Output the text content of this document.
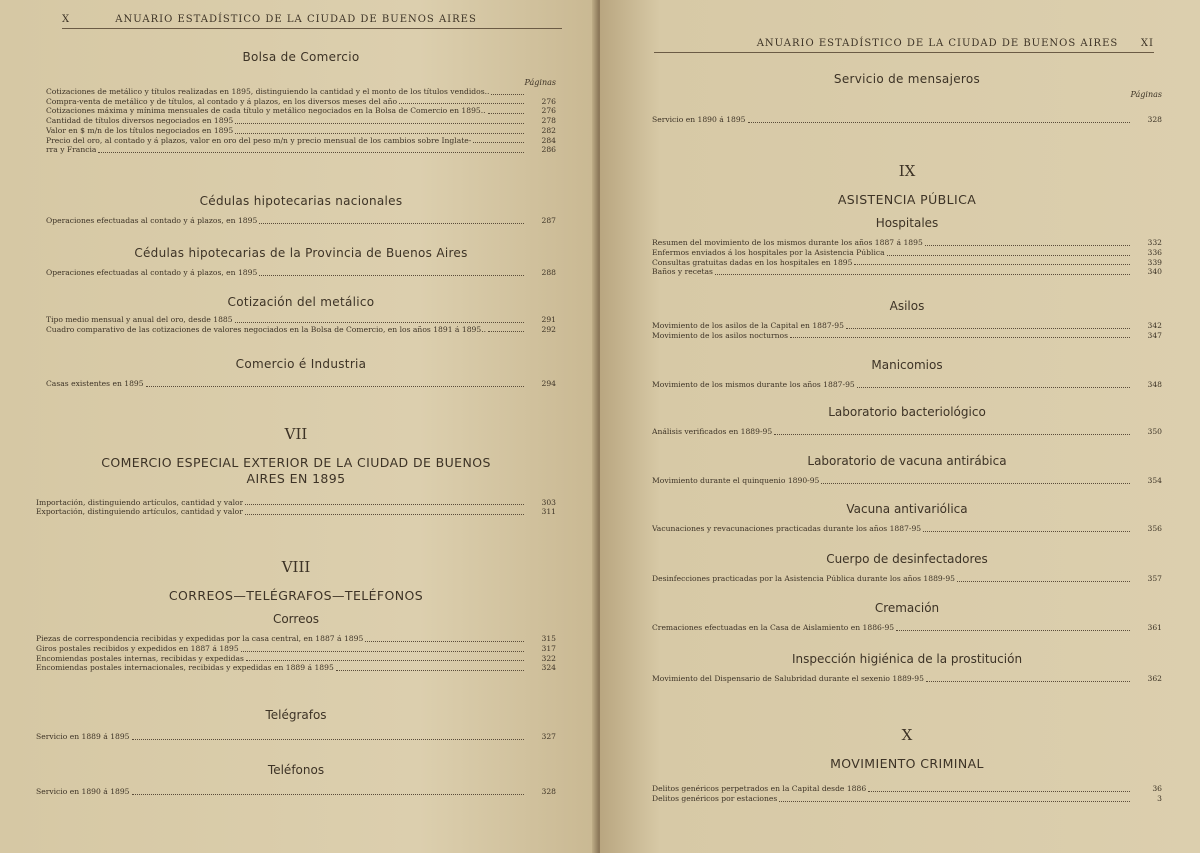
X	ANUARIO ESTADÍSTICO DE LA CIUDAD DE BUENOS AIRES

Bolsa de Comercio

Páginas

Cotizaciones de metálico y títulos realizadas en 1895, distinguiendo la cantidad y el monto de los títulos vendidos..
Compra-venta de metálico y de títulos, al contado y á plazos, en los diversos meses del año	276
Cotizaciones máxima y mínima mensuales de cada título y metálico negociados en la Bolsa de Comercio en 1895..	276
Cantidad de títulos diversos negociados en 1895	278
Valor en $ m/n de los títulos negociados en 1895	282
Precio del oro, al contado y á plazos, valor en oro del peso m/n y precio mensual de los cambios sobre Inglate-	284
rra y Francia	286

Cédulas hipotecarias nacionales

Operaciones efectuadas al contado y á plazos, en 1895	287

Cédulas hipotecarias de la Provincia de Buenos Aires

Operaciones efectuadas al contado y á plazos, en 1895	288

Cotización del metálico

Tipo medio mensual y anual del oro, desde 1885	291
Cuadro comparativo de las cotizaciones de valores negociados en la Bolsa de Comercio, en los años 1891 á 1895..	292

Comercio é Industria

Casas existentes en 1895	294

VII

COMERCIO ESPECIAL EXTERIOR DE LA CIUDAD DE BUENOS

AIRES EN 1895

Importación, distinguiendo artículos, cantidad y valor	303
Exportación, distinguiendo artículos, cantidad y valor	311

VIII

CORREOS—TELÉGRAFOS—TELÉFONOS

Correos

Piezas de correspondencia recibidas y expedidas por la casa central, en 1887 á 1895	315
Giros postales recibidos y expedidos en 1887 á 1895	317
Encomiendas postales internas, recibidas y expedidas	322
Encomiendas postales internacionales, recibidas y expedidas en 1889 á 1895	324

Telégrafos

Servicio en 1889 á 1895	327

Teléfonos

Servicio en 1890 á 1895	328
ANUARIO ESTADÍSTICO DE LA CIUDAD DE BUENOS AIRES XI

Servicio de mensajeros

Páginas

Servicio en 1890 á 1895	328

IX

ASISTENCIA PÚBLICA

Hospitales

Resumen del movimiento de los mismos durante los años 1887 á 1895	332
Enfermos enviados á los hospitales por la Asistencia Pública	336
Consultas gratuitas dadas en los hospitales en 1895	339
Baños y recetas	340

Asilos

Movimiento de los asilos de la Capital en 1887-95	342
Movimiento de los asilos nocturnos	347

Manicomios

Movimiento de los mismos durante los años 1887-95	348

Laboratorio bacteriológico

Análisis verificados en 1889-95	350

Laboratorio de vacuna antirábica

Movimiento durante el quinquenio 1890-95	354

Vacuna antivariólica

Vacunaciones y revacunaciones practicadas durante los años 1887-95	356

Cuerpo de desinfectadores

Desinfecciones practicadas por la Asistencia Pública durante los años 1889-95	357

Cremación

Cremaciones efectuadas en la Casa de Aislamiento en 1886-95	361

Inspección higiénica de la prostitución

Movimiento del Dispensario de Salubridad durante el sexenio 1889-95	362

X

MOVIMIENTO CRIMINAL

Delitos genéricos perpetrados en la Capital desde 1886	36
Delitos genéricos por estaciones	3
